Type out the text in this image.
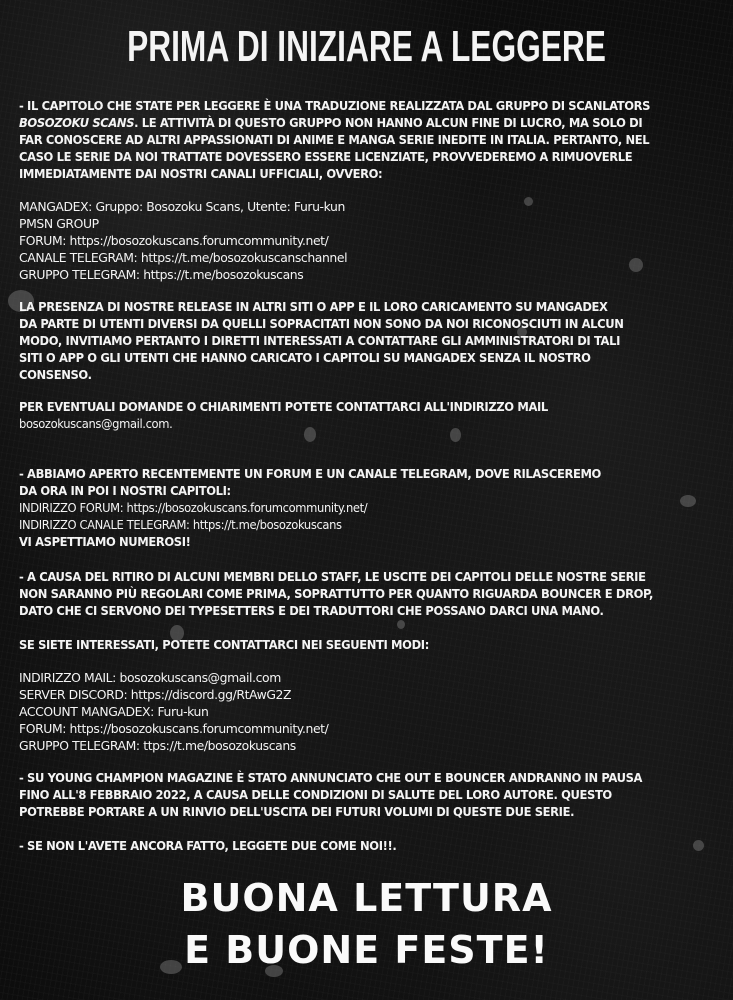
PRIMA DI INIZIARE A LEGGERE
- IL CAPITOLO CHE STATE PER LEGGERE È UNA TRADUZIONE REALIZZATA DAL GRUPPO DI SCANLATORS
BOSOZOKU SCANS. LE ATTIVITÀ DI QUESTO GRUPPO NON HANNO ALCUN FINE DI LUCRO, MA SOLO DI
FAR CONOSCERE AD ALTRI APPASSIONATI DI ANIME E MANGA SERIE INEDITE IN ITALIA. PERTANTO, NEL
CASO LE SERIE DA NOI TRATTATE DOVESSERO ESSERE LICENZIATE, PROVVEDEREMO A RIMUOVERLE
IMMEDIATAMENTE DAI NOSTRI CANALI UFFICIALI, OVVERO:
MANGADEX: Gruppo: Bosozoku Scans, Utente: Furu-kun
PMSN GROUP
FORUM: https://bosozokuscans.forumcommunity.net/
CANALE TELEGRAM: https://t.me/bosozokuscanschannel
GRUPPO TELEGRAM: https://t.me/bosozokuscans
LA PRESENZA DI NOSTRE RELEASE IN ALTRI SITI O APP E IL LORO CARICAMENTO SU MANGADEX
DA PARTE DI UTENTI DIVERSI DA QUELLI SOPRACITATI NON SONO DA NOI RICONOSCIUTI IN ALCUN
MODO, INVITIAMO PERTANTO I DIRETTI INTERESSATI A CONTATTARE GLI AMMINISTRATORI DI TALI
SITI O APP O GLI UTENTI CHE HANNO CARICATO I CAPITOLI SU MANGADEX SENZA IL NOSTRO
CONSENSO.
PER EVENTUALI DOMANDE O CHIARIMENTI POTETE CONTATTARCI ALL'INDIRIZZO MAIL
bosozokuscans@gmail.com.
- ABBIAMO APERTO RECENTEMENTE UN FORUM E UN CANALE TELEGRAM, DOVE RILASCEREMO
DA ORA IN POI I NOSTRI CAPITOLI:
INDIRIZZO FORUM: https://bosozokuscans.forumcommunity.net/
INDIRIZZO CANALE TELEGRAM: https://t.me/bosozokuscans
VI ASPETTIAMO NUMEROSI!
- A CAUSA DEL RITIRO DI ALCUNI MEMBRI DELLO STAFF, LE USCITE DEI CAPITOLI DELLE NOSTRE SERIE
NON SARANNO PIÙ REGOLARI COME PRIMA, SOPRATTUTTO PER QUANTO RIGUARDA BOUNCER E DROP,
DATO CHE CI SERVONO DEI TYPESETTERS E DEI TRADUTTORI CHE POSSANO DARCI UNA MANO.
SE SIETE INTERESSATI, POTETE CONTATTARCI NEI SEGUENTI MODI:
INDIRIZZO MAIL: bosozokuscans@gmail.com
SERVER DISCORD: https://discord.gg/RtAwG2Z
ACCOUNT MANGADEX: Furu-kun
FORUM: https://bosozokuscans.forumcommunity.net/
GRUPPO TELEGRAM: ttps://t.me/bosozokuscans
- SU YOUNG CHAMPION MAGAZINE È STATO ANNUNCIATO CHE OUT E BOUNCER ANDRANNO IN PAUSA
FINO ALL'8 FEBBRAIO 2022, A CAUSA DELLE CONDIZIONI DI SALUTE DEL LORO AUTORE. QUESTO
POTREBBE PORTARE A UN RINVIO DELL'USCITA DEI FUTURI VOLUMI DI QUESTE DUE SERIE.
- SE NON L'AVETE ANCORA FATTO, LEGGETE DUE COME NOI!!.
BUONA LETTURA
E BUONE FESTE!
